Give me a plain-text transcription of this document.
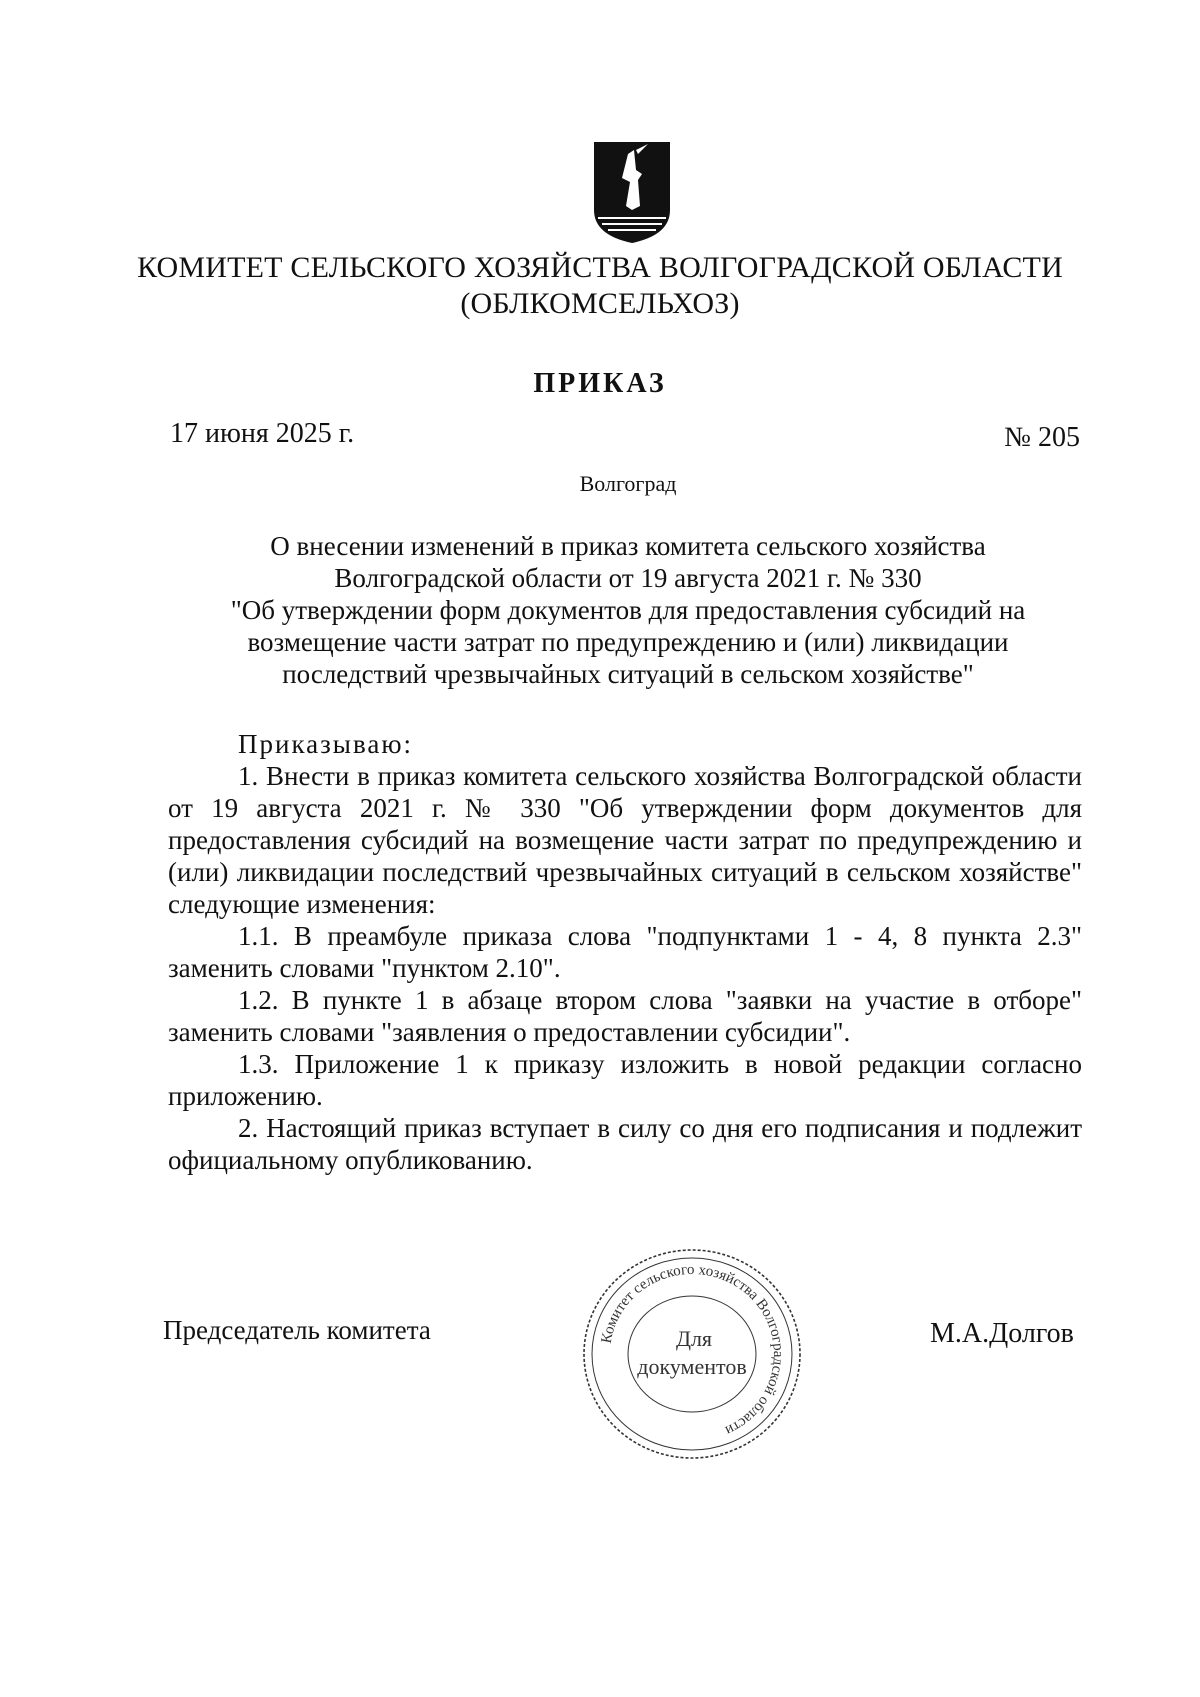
КОМИТЕТ СЕЛЬСКОГО ХОЗЯЙСТВА ВОЛГОГРАДСКОЙ ОБЛАСТИ
(ОБЛКОМСЕЛЬХОЗ)
ПРИКАЗ
17 июня 2025 г.	№ 205
Волгоград
О внесении изменений в приказ комитета сельского хозяйства
Волгоградской области от 19 августа 2021 г. № 330
"Об утверждении форм документов для предоставления субсидий на
возмещение части затрат по предупреждению и (или) ликвидации
последствий чрезвычайных ситуаций в сельском хозяйстве"
Приказываю:

1. Внести в приказ комитета сельского хозяйства Волгоградской области от 19 августа 2021 г. № 330 "Об утверждении форм документов для предоставления субсидий на возмещение части затрат по предупреждению и (или) ликвидации последствий чрезвычайных ситуаций в сельском хозяйстве" следующие изменения:

1.1. В преамбуле приказа слова "подпунктами 1 - 4, 8 пункта 2.3" заменить словами "пунктом 2.10".

1.2. В пункте 1 в абзаце втором слова "заявки на участие в отборе" заменить словами "заявления о предоставлении субсидии".

1.3. Приложение 1 к приказу изложить в новой редакции согласно приложению.

2. Настоящий приказ вступает в силу со дня его подписания и подлежит официальному опубликованию.

Председатель комитета	Комитет сельского хозяйства Волгоградской области
Для
документов
М.А.Долгов
